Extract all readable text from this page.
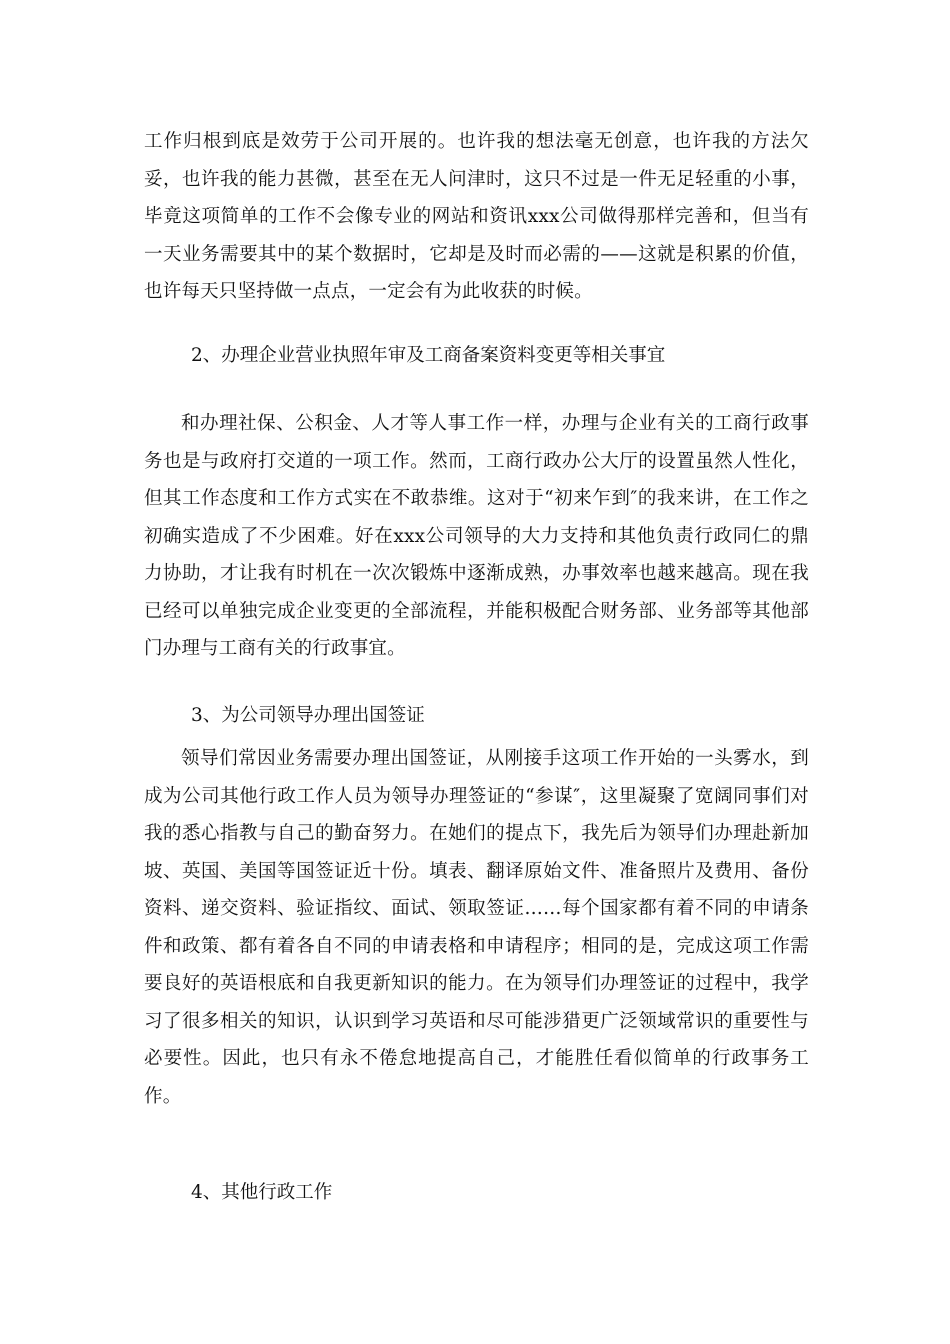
工作归根到底是效劳于公司开展的。也许我的想法毫无创意，也许我的方法欠妥，也许我的能力甚微，甚至在无人问津时，这只不过是一件无足轻重的小事，毕竟这项简单的工作不会像专业的网站和资讯xxx公司做得那样完善和，但当有一天业务需要其中的某个数据时，它却是及时而必需的——这就是积累的价值，也许每天只坚持做一点点，一定会有为此收获的时候。

2、办理企业营业执照年审及工商备案资料变更等相关事宜

和办理社保、公积金、人才等人事工作一样，办理与企业有关的工商行政事务也是与政府打交道的一项工作。然而，工商行政办公大厅的设置虽然人性化，但其工作态度和工作方式实在不敢恭维。这对于“初来乍到″的我来讲，在工作之初确实造成了不少困难。好在xxx公司领导的大力支持和其他负责行政同仁的鼎力协助，才让我有时机在一次次锻炼中逐渐成熟，办事效率也越来越高。现在我已经可以单独完成企业变更的全部流程，并能积极配合财务部、业务部等其他部门办理与工商有关的行政事宜。

3、为公司领导办理出国签证

领导们常因业务需要办理出国签证，从刚接手这项工作开始的一头雾水，到成为公司其他行政工作人员为领导办理签证的“参谋″，这里凝聚了宽阔同事们对我的悉心指教与自己的勤奋努力。在她们的提点下，我先后为领导们办理赴新加坡、英国、美国等国签证近十份。填表、翻译原始文件、准备照片及费用、备份资料、递交资料、验证指纹、面试、领取签证……每个国家都有着不同的申请条件和政策、都有着各自不同的申请表格和申请程序；相同的是，完成这项工作需要良好的英语根底和自我更新知识的能力。在为领导们办理签证的过程中，我学习了很多相关的知识，认识到学习英语和尽可能涉猎更广泛领域常识的重要性与必要性。因此，也只有永不倦怠地提高自己，才能胜任看似简单的行政事务工作。

4、其他行政工作
